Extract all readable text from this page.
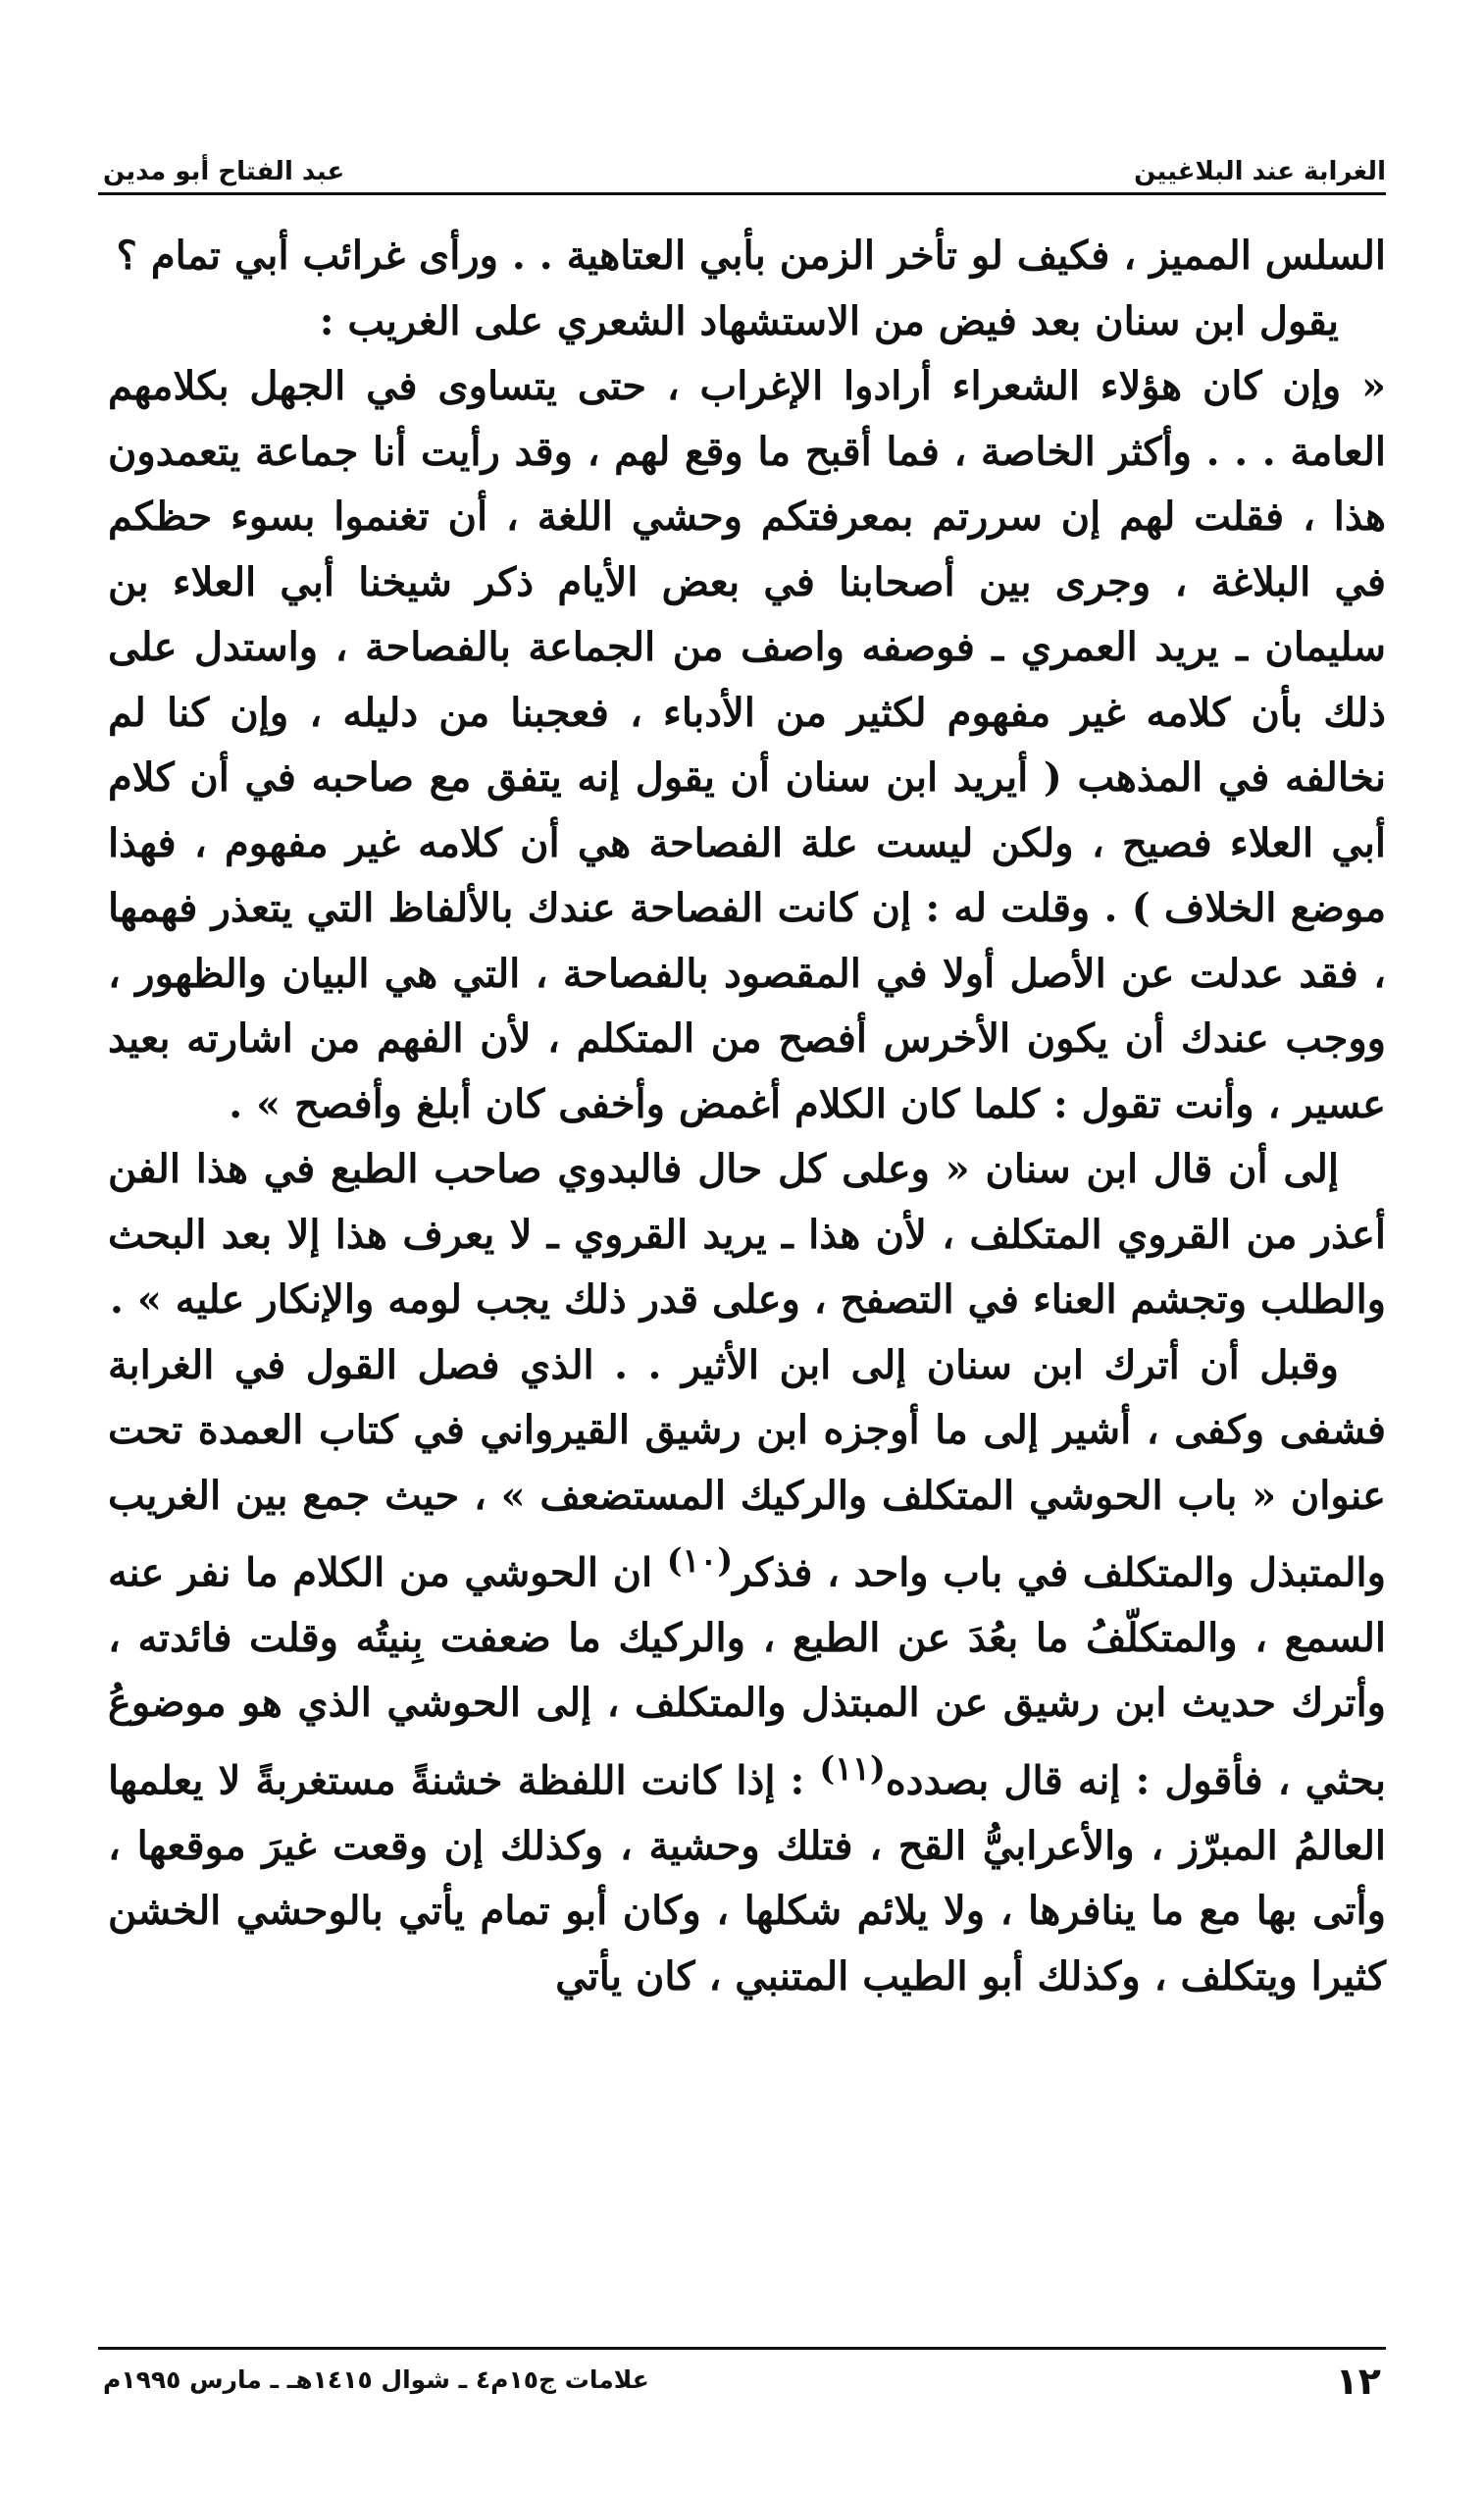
عبد الفتاح أبو مدين	الغرابة عند البلاغيين

السلس المميز ، فكيف لو تأخر الزمن بأبي العتاهية . . ورأى غرائب أبي تمام ؟

يقول ابن سنان بعد فيض من الاستشهاد الشعري على الغريب :

« وإن كان هؤلاء الشعراء أرادوا الإغراب ، حتى يتساوى في الجهل بكلامهم العامة . . . وأكثر الخاصة ، فما أقبح ما وقع لهم ، وقد رأيت أنا جماعة يتعمدون هذا ، فقلت لهم إن سررتم بمعرفتكم وحشي اللغة ، أن تغنموا بسوء حظكم في البلاغة ، وجرى بين أصحابنا في بعض الأيام ذكر شيخنا أبي العلاء بن سليمان ـ يريد العمري ـ فوصفه واصف من الجماعة بالفصاحة ، واستدل على ذلك بأن كلامه غير مفهوم لكثير من الأدباء ، فعجبنا من دليله ، وإن كنا لم نخالفه في المذهب ( أيريد ابن سنان أن يقول إنه يتفق مع صاحبه في أن كلام أبي العلاء فصيح ، ولكن ليست علة الفصاحة هي أن كلامه غير مفهوم ، فهذا موضع الخلاف ) . وقلت له : إن كانت الفصاحة عندك بالألفاظ التي يتعذر فهمها ، فقد عدلت عن الأصل أولا في المقصود بالفصاحة ، التي هي البيان والظهور ، ووجب عندك أن يكون الأخرس أفصح من المتكلم ، لأن الفهم من اشارته بعيد عسير ، وأنت تقول : كلما كان الكلام أغمض وأخفى كان أبلغ وأفصح » .

إلى أن قال ابن سنان « وعلى كل حال فالبدوي صاحب الطبع في هذا الفن أعذر من القروي المتكلف ، لأن هذا ـ يريد القروي ـ لا يعرف هذا إلا بعد البحث والطلب وتجشم العناء في التصفح ، وعلى قدر ذلك يجب لومه والإنكار عليه » .

وقبل أن أترك ابن سنان إلى ابن الأثير . . الذي فصل القول في الغرابة فشفى وكفى ، أشير إلى ما أوجزه ابن رشيق القيرواني في كتاب العمدة تحت عنوان « باب الحوشي المتكلف والركيك المستضعف » ، حيث جمع بين الغريب والمتبذل والمتكلف في باب واحد ، فذكر$^{(١٠)}$ ان الحوشي من الكلام ما نفر عنه السمع ، والمتكلّفُ ما بعُدَ عن الطبع ، والركيك ما ضعفت بِنيتُه وقلت فائدته ، وأترك حديث ابن رشيق عن المبتذل والمتكلف ، إلى الحوشي الذي هو موضوعُ بحثي ، فأقول : إنه قال بصدده$^{(١١)}$ : إذا كانت اللفظة خشنةً مستغربةً لا يعلمها العالمُ المبرّز ، والأعرابيُّ القح ، فتلك وحشية ، وكذلك إن وقعت غيرَ موقعها ، وأتى بها مع ما ينافرها ، ولا يلائم شكلها ، وكان أبو تمام يأتي بالوحشي الخشن كثيرا ويتكلف ، وكذلك أبو الطيب المتنبي ، كان يأتي

علامات ج١٥م٤ ـ شوال ١٤١٥هـ ـ مارس ١٩٩٥م	١٢
